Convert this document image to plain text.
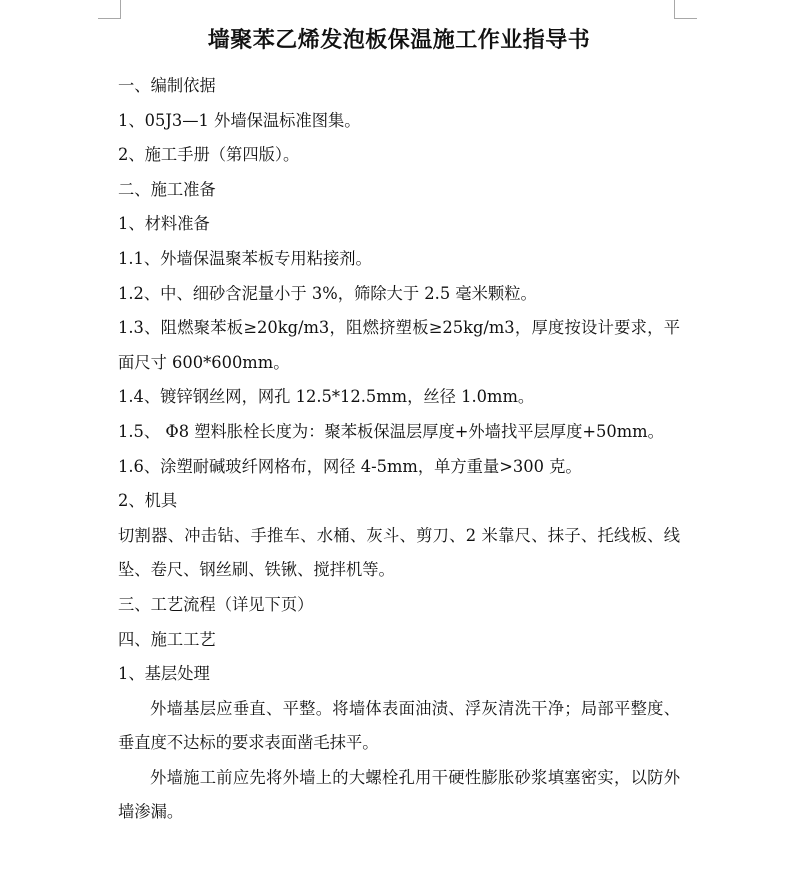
墙聚苯乙烯发泡板保温施工作业指导书

一、编制依据

1、05J3—1 外墙保温标准图集。

2、施工手册（第四版）。

二、施工准备

1、材料准备

1.1、外墙保温聚苯板专用粘接剂。

1.2、中、细砂含泥量小于 3%，筛除大于 2.5 毫米颗粒。

1.3、阻燃聚苯板≥20kg/m3，阻燃挤塑板≥25kg/m3，厚度按设计要求，平面尺寸 600*600mm。

1.4、镀锌钢丝网，网孔 12.5*12.5mm，丝径 1.0mm。

1.5、 Φ8 塑料胀栓长度为：聚苯板保温层厚度+外墙找平层厚度+50mm。

1.6、涂塑耐碱玻纤网格布，网径 4-5mm，单方重量>300 克。

2、机具

切割器、冲击钻、手推车、水桶、灰斗、剪刀、2 米靠尺、抹子、托线板、线坠、卷尺、钢丝刷、铁锹、搅拌机等。

三、工艺流程（详见下页）

四、施工工艺

1、基层处理

外墙基层应垂直、平整。将墙体表面油渍、浮灰清洗干净；局部平整度、垂直度不达标的要求表面凿毛抹平。

外墙施工前应先将外墙上的大螺栓孔用干硬性膨胀砂浆填塞密实，以防外墙渗漏。
